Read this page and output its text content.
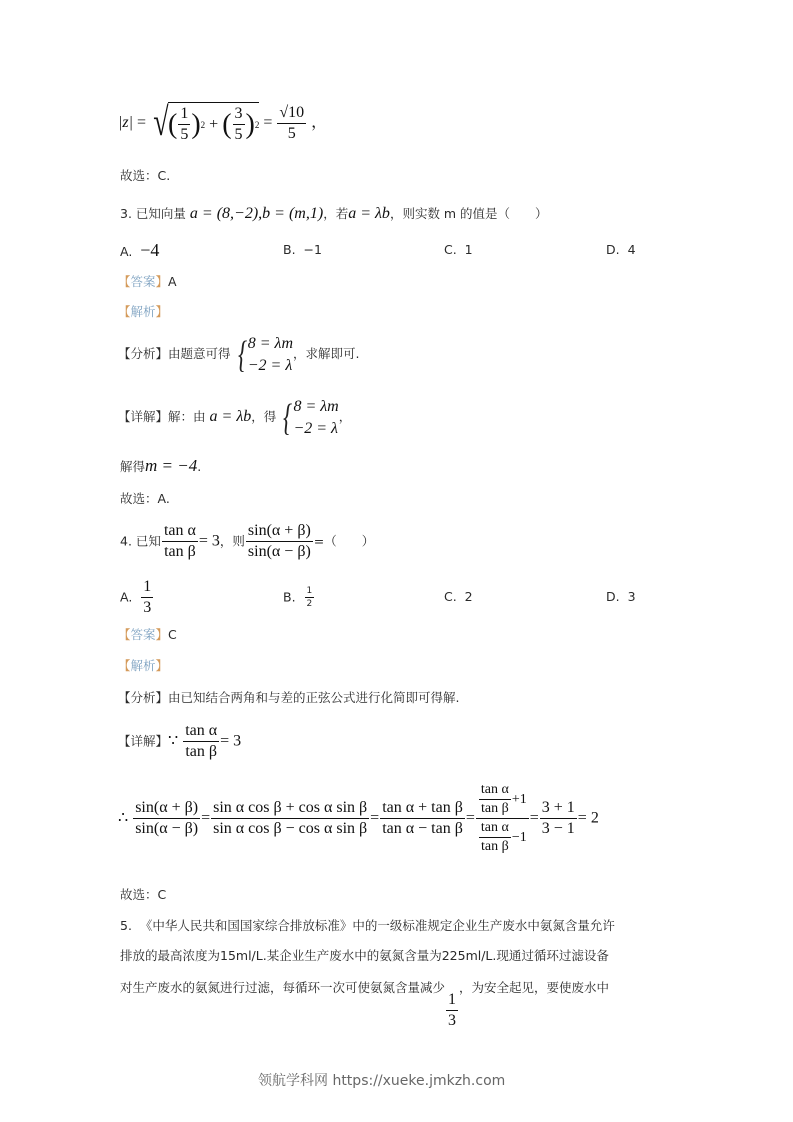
|z| = √ ( $\frac{1}{5}$ ) 2 + ( $\frac{3}{5}$ ) $2 = \frac{√10}{5}$ ，
故选：C.
3. 已知向量 a = (8,−2),b = (m,1)，若a = λb，则实数 m 的值是（　　）
A. −4	B. −1	C. 1	D. 4
【答案】A
【解析】
【分析】由题意可得 { 8 = λm
−2 = λ
，求解即可.
【详解】解：由 a = λb，得 { 8 = λm
−2 = λ
，
解得m = −4.
故选：A.
4. 已知 $\frac{\text{tan α}}{\text{tan β}} = 3$，则 $\frac{\sin(\alpha + \beta)}{\sin(\alpha - \beta)}$ =（　　）
A. $\frac{1}{3}$	B. $\frac{1}{2}$	C. 2	D. 3
【答案】C
【解析】
【分析】由已知结合两角和与差的正弦公式进行化简即可得解.
【详解】∵ $\frac{\text{tan α}}{\text{tan β}} = 3$
∴ $\frac{\sin(\alpha + \beta)}{\sin(\alpha - \beta)} = \frac{\text{sin α cos β + cos α sin β}}{\text{sin α cos β − cos α sin β}} = \frac{\text{tan α + tan β}}{\text{tan α − tan β}} = \frac{\frac{\text{tan α}}{\text{tan β}} +1}{\frac{\text{tan α}}{\text{tan β}} -1} = \frac{3 + 1}{3 - 1} = 2$
故选：C
5. 《中华人民共和国国家综合排放标准》中的一级标准规定企业生产废水中氨氮含量允许
排放的最高浓度为15ml/L.某企业生产废水中的氨氮含量为225ml/L.现通过循环过滤设备
对生产废水的氨氮进行过滤，每循环一次可使氨氮含量减少
$\frac{1}{3}$
，为安全起见，要使废水中
领航学科网 https://xueke.jmkzh.com
